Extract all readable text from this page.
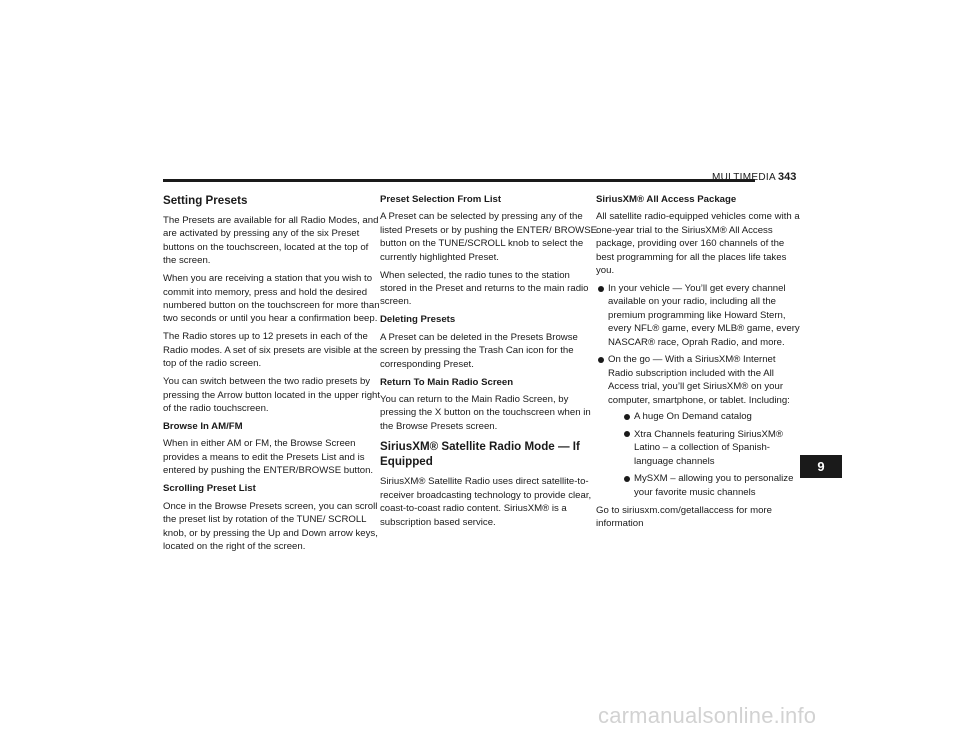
MULTIMEDIA 343

Setting Presets

The Presets are available for all Radio Modes, and are activated by pressing any of the six Preset buttons on the touchscreen, located at the top of the screen.

When you are receiving a station that you wish to commit into memory, press and hold the desired numbered button on the touchscreen for more than two seconds or until you hear a confirmation beep.

The Radio stores up to 12 presets in each of the Radio modes. A set of six presets are visible at the top of the radio screen.

You can switch between the two radio presets by pressing the Arrow button located in the upper right of the radio touchscreen.

Browse In AM/FM

When in either AM or FM, the Browse Screen provides a means to edit the Presets List and is entered by pushing the ENTER/BROWSE button.

Scrolling Preset List

Once in the Browse Presets screen, you can scroll the preset list by rotation of the TUNE/ SCROLL knob, or by pressing the Up and Down arrow keys, located on the right of the screen.

Preset Selection From List

A Preset can be selected by pressing any of the listed Presets or by pushing the ENTER/ BROWSE button on the TUNE/SCROLL knob to select the currently highlighted Preset.

When selected, the radio tunes to the station stored in the Preset and returns to the main radio screen.

Deleting Presets

A Preset can be deleted in the Presets Browse screen by pressing the Trash Can icon for the corresponding Preset.

Return To Main Radio Screen

You can return to the Main Radio Screen, by pressing the X button on the touchscreen when in the Browse Presets screen.

SiriusXM® Satellite Radio Mode — If Equipped

SiriusXM® Satellite Radio uses direct satellite-to-receiver broadcasting technology to provide clear, coast-to-coast radio content. SiriusXM® is a subscription based service.

SiriusXM® All Access Package

All satellite radio-equipped vehicles come with a one-year trial to the SiriusXM® All Access package, providing over 160 channels of the best programming for all the places life takes you.

In your vehicle — You’ll get every channel available on your radio, including all the premium programming like Howard Stern, every NFL® game, every MLB® game, every NASCAR® race, Oprah Radio, and more.
On the go — With a SiriusXM® Internet Radio subscription included with the All Access trial, you’ll get SiriusXM® on your computer, smartphone, or tablet. Including:
A huge On Demand catalog
Xtra Channels featuring SiriusXM® Latino – a collection of Spanish-language channels
MySXM – allowing you to personalize your favorite music channels

Go to siriusxm.com/getallaccess for more information

9
carmanualsonline.info
